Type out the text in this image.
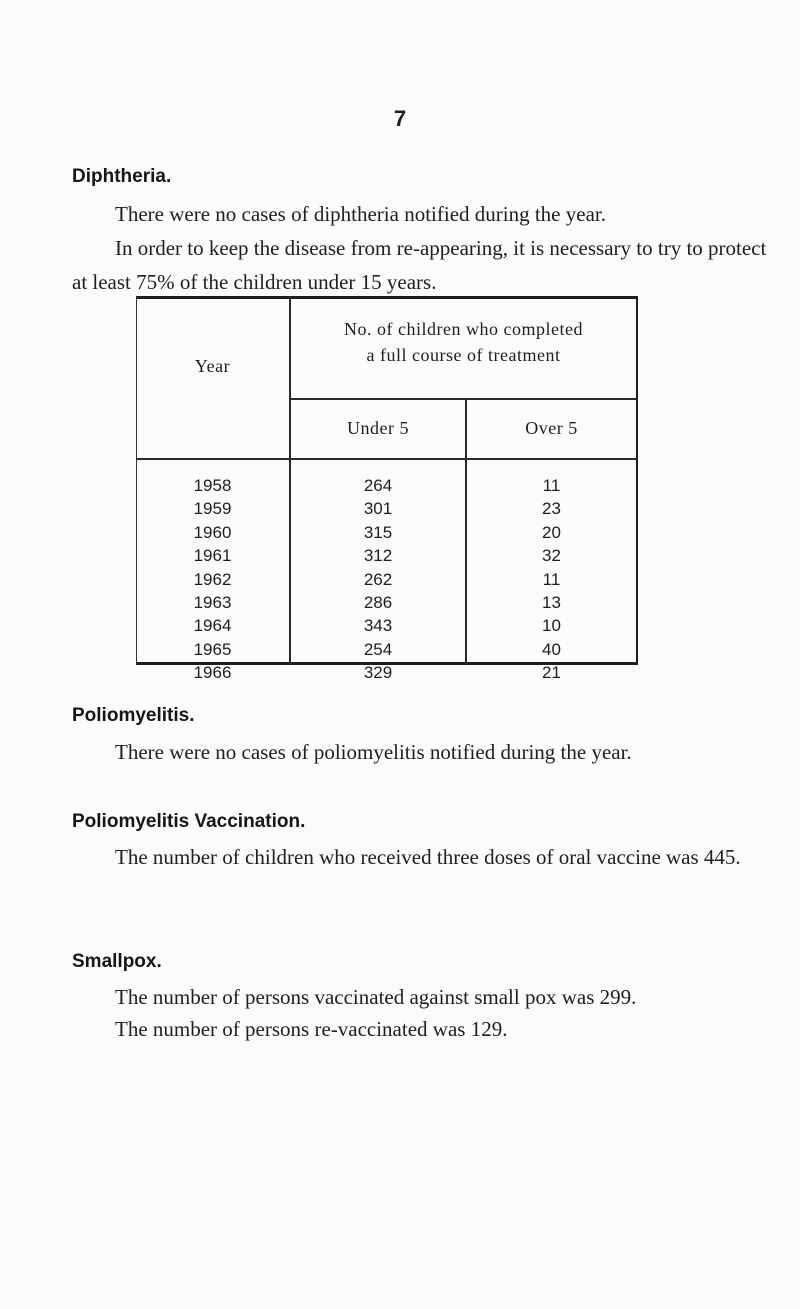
7
Diphtheria.
There were no cases of diphtheria notified during the year.
In order to keep the disease from re-appearing, it is necessary to try to protect at least 75% of the children under 15 years.
Year
No. of children who completed
a full course of treatment
Under 5	Over 5
1958	264	11
1959	301	23
1960	315	20
1961	312	32
1962	262	11
1963	286	13
1964	343	10
1965	254	40
1966	329	21
Poliomyelitis.
There were no cases of poliomyelitis notified during the year.
Poliomyelitis Vaccination.
The number of children who received three doses of oral vaccine was 445.
Smallpox.
The number of persons vaccinated against small pox was 299.
The number of persons re-vaccinated was 129.
